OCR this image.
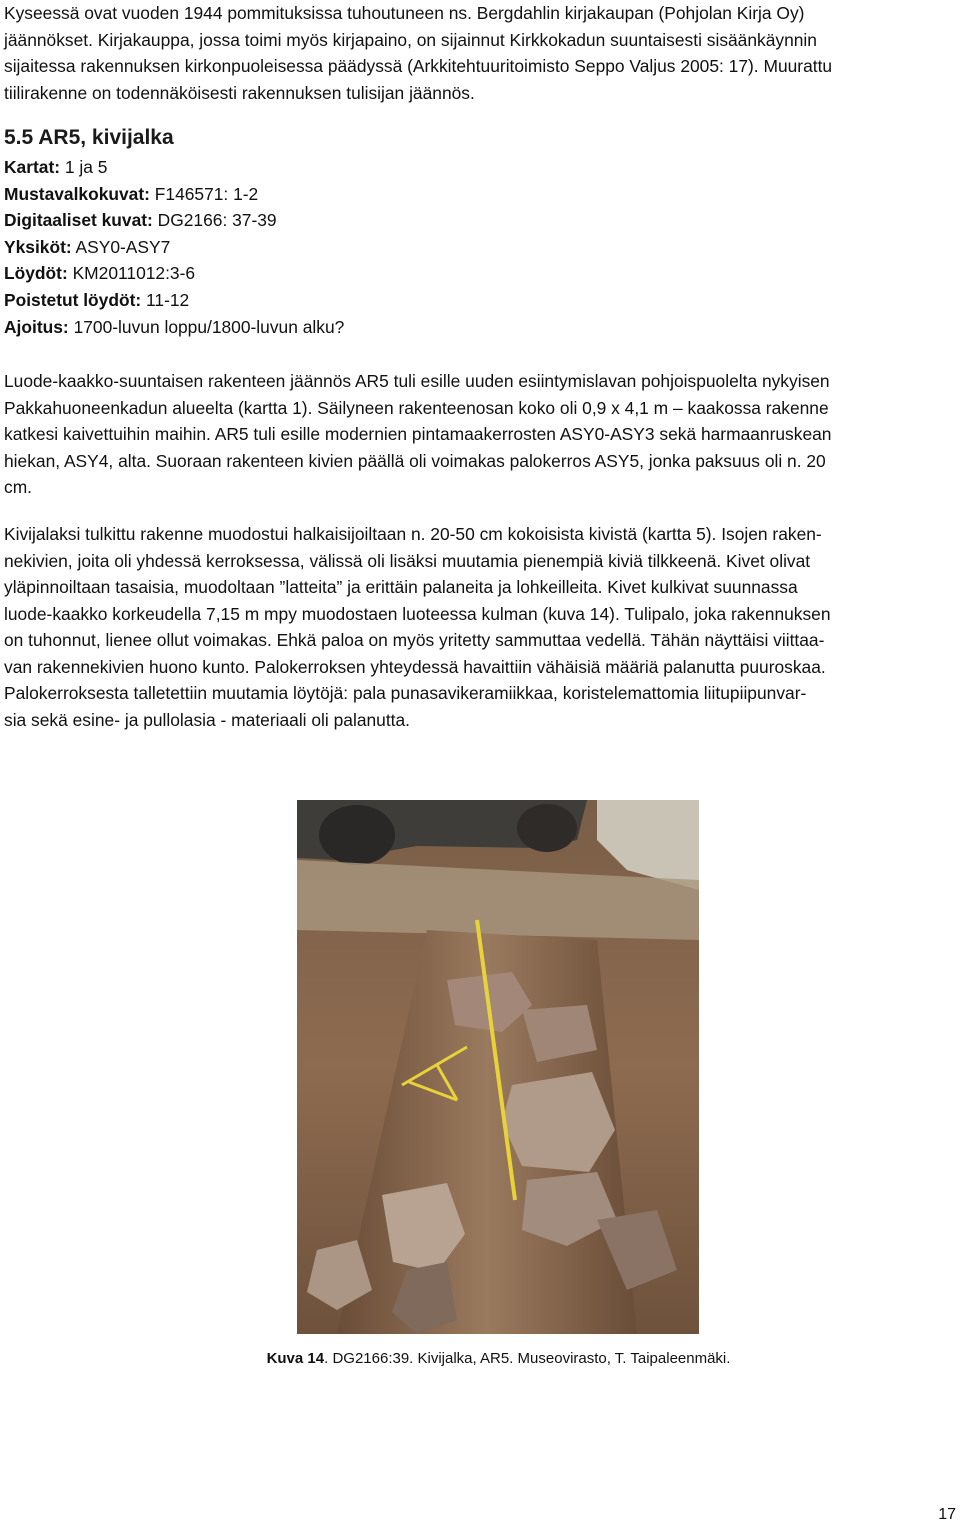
Kyseessä ovat vuoden 1944 pommituksissa tuhoutuneen ns. Bergdahlin kirjakaupan (Pohjolan Kirja Oy)
jäännökset. Kirjakauppa, jossa toimi myös kirjapaino, on sijainnut Kirkkokadun suuntaisesti sisäänkäynnin
sijaitessa rakennuksen kirkonpuoleisessa päädyssä (Arkkitehtuuritoimisto Seppo Valjus 2005: 17). Muurattu
tiilirakenne on todennäköisesti rakennuksen tulisijan jäännös.

5.5 AR5, kivijalka
Kartat: 1 ja 5
Mustavalkokuvat: F146571: 1-2
Digitaaliset kuvat: DG2166: 37-39
Yksiköt: ASY0-ASY7
Löydöt: KM2011012:3-6
Poistetut löydöt: 11-12
Ajoitus: 1700-luvun loppu/1800-luvun alku?

Luode-kaakko-suuntaisen rakenteen jäännös AR5 tuli esille uuden esiintymislavan pohjoispuolelta nykyisen
Pakkahuoneenkadun alueelta (kartta 1). Säilyneen rakenteenosan koko oli 0,9 x 4,1 m – kaakossa rakenne
katkesi kaivettuihin maihin. AR5 tuli esille modernien pintamaakerrosten ASY0-ASY3 sekä harmaanruskean
hiekan, ASY4, alta. Suoraan rakenteen kivien päällä oli voimakas palokerros ASY5, jonka paksuus oli n. 20
cm.

Kivijalaksi tulkittu rakenne muodostui halkaisijoiltaan n. 20-50 cm kokoisista kivistä (kartta 5). Isojen raken-
nekivien, joita oli yhdessä kerroksessa, välissä oli lisäksi muutamia pienempiä kiviä tilkkeenä. Kivet olivat
yläpinnoiltaan tasaisia, muodoltaan ”latteita” ja erittäin palaneita ja lohkeilleita. Kivet kulkivat suunnassa
luode-kaakko korkeudella 7,15 m mpy muodostaen luoteessa kulman (kuva 14). Tulipalo, joka rakennuksen
on tuhonnut, lienee ollut voimakas. Ehkä paloa on myös yritetty sammuttaa vedellä. Tähän näyttäisi viittaa-
van rakennekivien huono kunto. Palokerroksen yhteydessä havaittiin vähäisiä määriä palanutta puuroskaa.
Palokerroksesta talletettiin muutamia löytöjä: pala punasavikeramiikkaa, koristelemattomia liitupiipunvar-
sia sekä esine- ja pullolasia - materiaali oli palanutta.

Kuva 14. DG2166:39. Kivijalka, AR5. Museovirasto, T. Taipaleenmäki.

17
